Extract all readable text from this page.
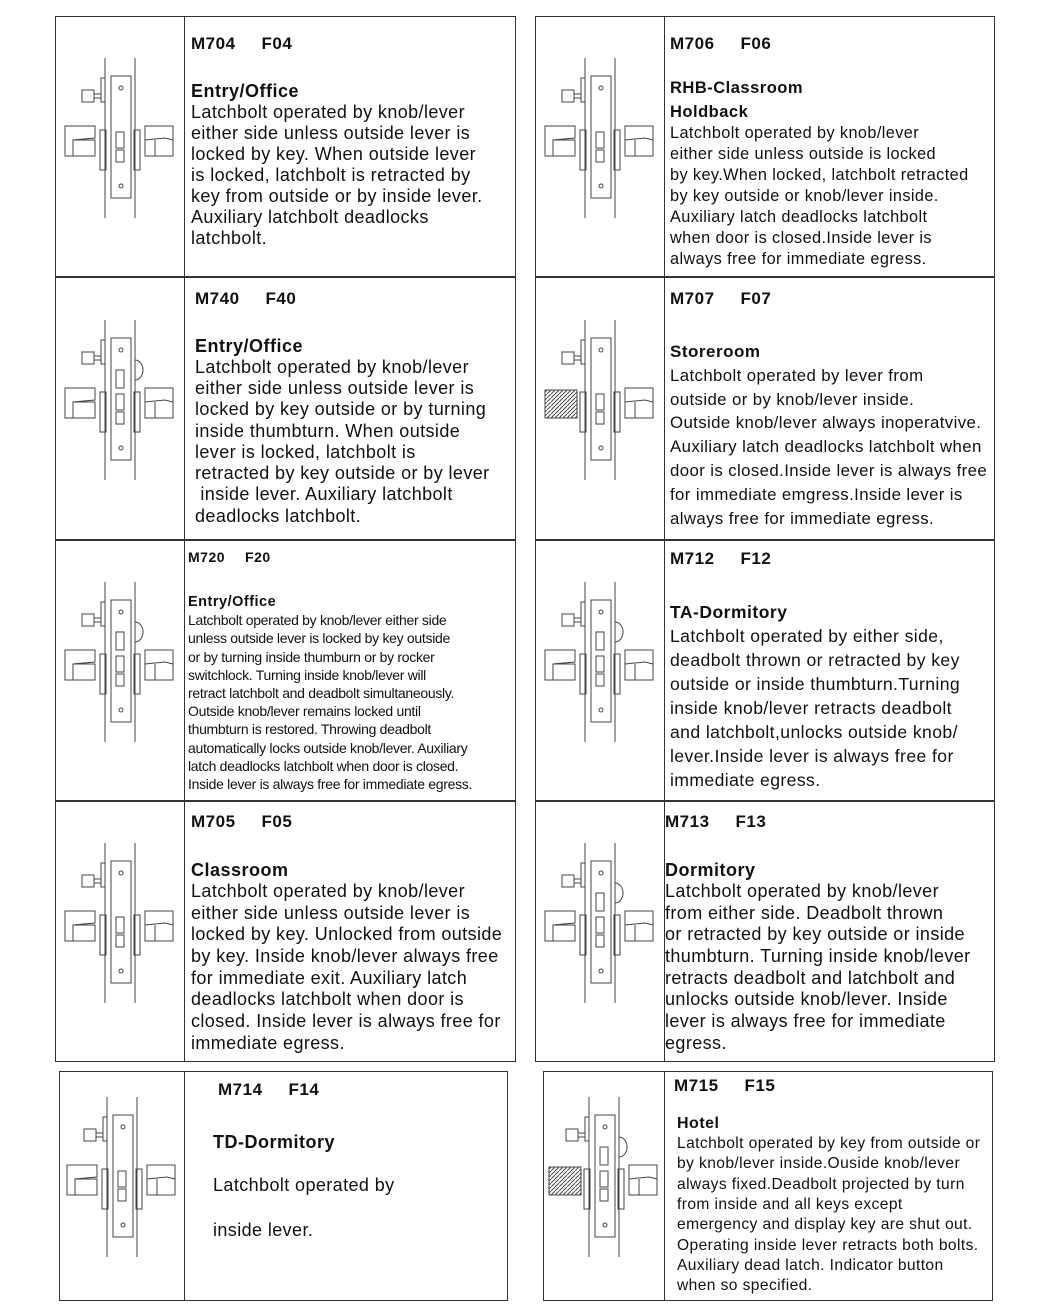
M704 F04
Entry/Office
Latchbolt operated by knob/lever
either side unless outside lever is
locked by key. When outside lever
is locked, latchbolt is retracted by
key from outside or by inside lever.
Auxiliary latchbolt deadlocks
latchbolt.
M706 F06
RHB-Classroom
Holdback
Latchbolt operated by knob/lever
either side unless outside is locked
by key.When locked, latchbolt retracted
by key outside or knob/lever inside.
Auxiliary latch deadlocks latchbolt
when door is closed.Inside lever is
always free for immediate egress.
M740 F40
Entry/Office
Latchbolt operated by knob/lever
either side unless outside lever is
locked by key outside or by turning
inside thumbturn. When outside
lever is locked, latchbolt is
retracted by key outside or by lever
inside lever. Auxiliary latchbolt
deadlocks latchbolt.
M707 F07
Storeroom
Latchbolt operated by lever from
outside or by knob/lever inside.
Outside knob/lever always inoperatvive.
Auxiliary latch deadlocks latchbolt when
door is closed.Inside lever is always free
for immediate emgress.Inside lever is
always free for immediate egress.
M720 F20
Entry/Office
Latchbolt operated by knob/lever either side
unless outside lever is locked by key outside
or by turning inside thumburn or by rocker
switchlock. Turning inside knob/lever will
retract latchbolt and deadbolt simultaneously.
Outside knob/lever remains locked until
thumbturn is restored. Throwing deadbolt
automatically locks outside knob/lever. Auxiliary
latch deadlocks latchbolt when door is closed.
Inside lever is always free for immediate egress.
M712 F12
TA-Dormitory
Latchbolt operated by either side,
deadbolt thrown or retracted by key
outside or inside thumbturn.Turning
inside knob/lever retracts deadbolt
and latchbolt,unlocks outside knob/
lever.Inside lever is always free for
immediate egress.
M705 F05
Classroom
Latchbolt operated by knob/lever
either side unless outside lever is
locked by key. Unlocked from outside
by key. Inside knob/lever always free
for immediate exit. Auxiliary latch
deadlocks latchbolt when door is
closed. Inside lever is always free for
immediate egress.
M713 F13
Dormitory
Latchbolt operated by knob/lever
from either side. Deadbolt thrown
or retracted by key outside or inside
thumbturn. Turning inside knob/lever
retracts deadbolt and latchbolt and
unlocks outside knob/lever. Inside
lever is always free for immediate
egress.
M714 F14
TD-Dormitory
Latchbolt operated by
inside lever.
M715 F15
Hotel
Latchbolt operated by key from outside or
by knob/lever inside.Ouside knob/lever
always fixed.Deadbolt projected by turn
from inside and all keys except
emergency and display key are shut out.
Operating inside lever retracts both bolts.
Auxiliary dead latch. Indicator button
when so specified.
